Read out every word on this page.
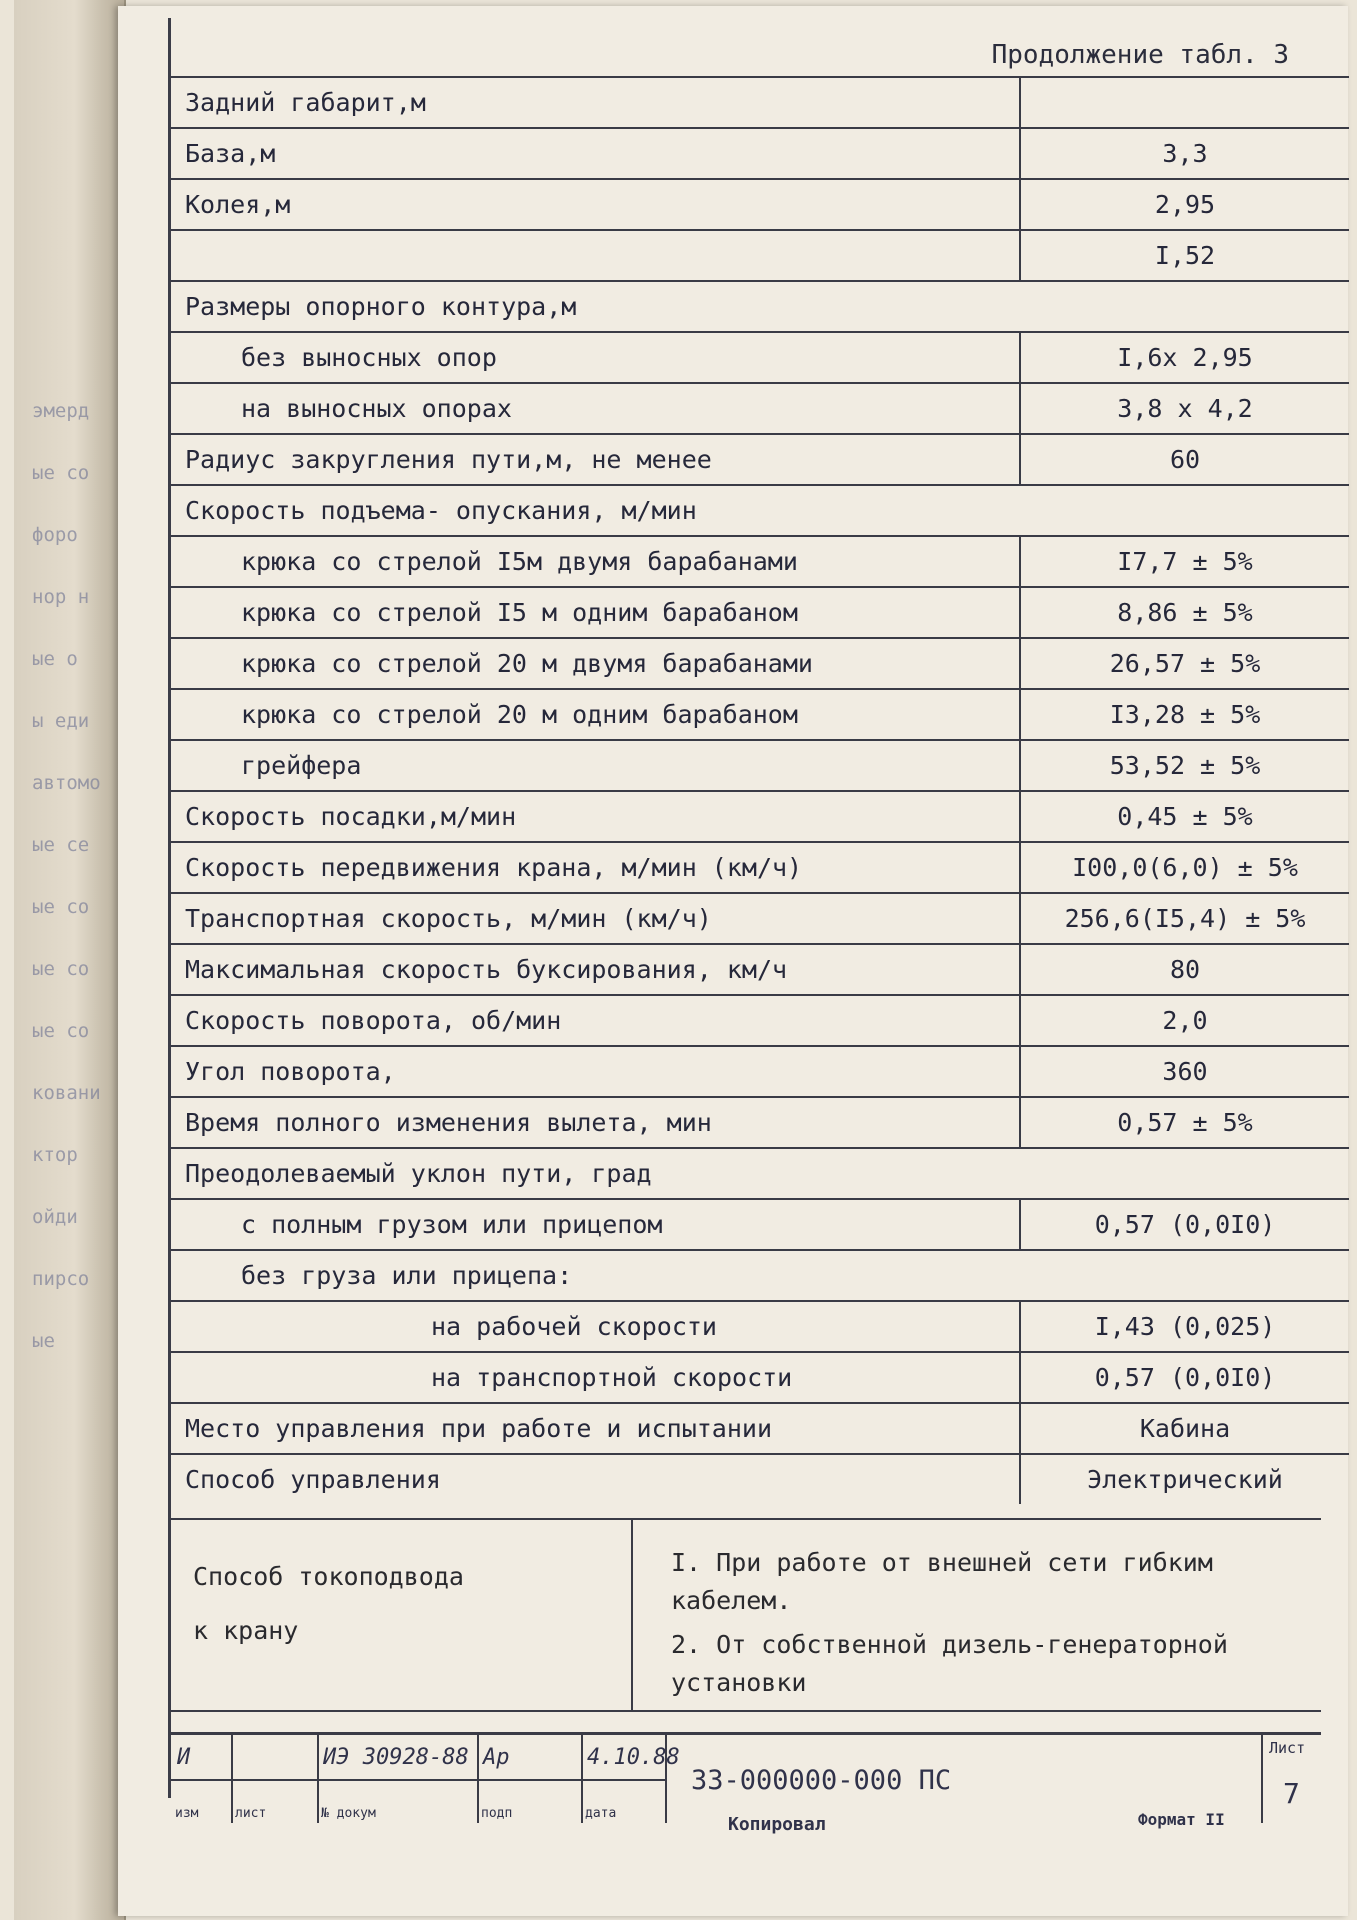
эмерд
ые со
форо
нор н
ые о
ы еди
автомо
ые се
ые со
ые со
ые со
ковани
ктор
ойди
пирсо
ые
Продолжение табл. 3
Задний габарит,м	
База,м	3,3
Колея,м	2,95
	I,52
Размеры опорного контура,м	
без выносных опор	I,6х 2,95
на выносных опорах	3,8 х 4,2
Радиус закругления пути,м, не менее	60
Скорость подъема- опускания, м/мин	
крюка со стрелой I5м двумя барабанами	I7,7 ± 5%
крюка со стрелой I5 м одним барабаном	8,86 ± 5%
крюка со стрелой 20 м двумя барабанами	26,57 ± 5%
крюка со стрелой 20 м одним барабаном	I3,28 ± 5%
грейфера	53,52 ± 5%
Скорость посадки,м/мин	0,45 ± 5%
Скорость передвижения крана, м/мин (км/ч)	I00,0(6,0) ± 5%
Транспортная скорость, м/мин (км/ч)	256,6(I5,4) ± 5%
Максимальная скорость буксирования, км/ч	80
Скорость поворота, об/мин	2,0
Угол поворота,	360
Время полного изменения вылета, мин	0,57 ± 5%
Преодолеваемый уклон пути, град	
с полным грузом или прицепом	0,57 (0,0I0)
без груза или прицепа:	
на рабочей скорости	I,43 (0,025)
на транспортной скорости	0,57 (0,0I0)
Место управления при работе и испытании	Кабина
Способ управления	Электрический
Способ токоподвода
к крану
I. При работе от внешней сети гибким кабелем.
2. От собственной дизель-генераторной установки
И
изм	лист
ИЭ 30928-88
№ докум
Ар
подп
4.10.88
дата
33-000000-000 ПС
Лист
7
Копировал	Формат II
